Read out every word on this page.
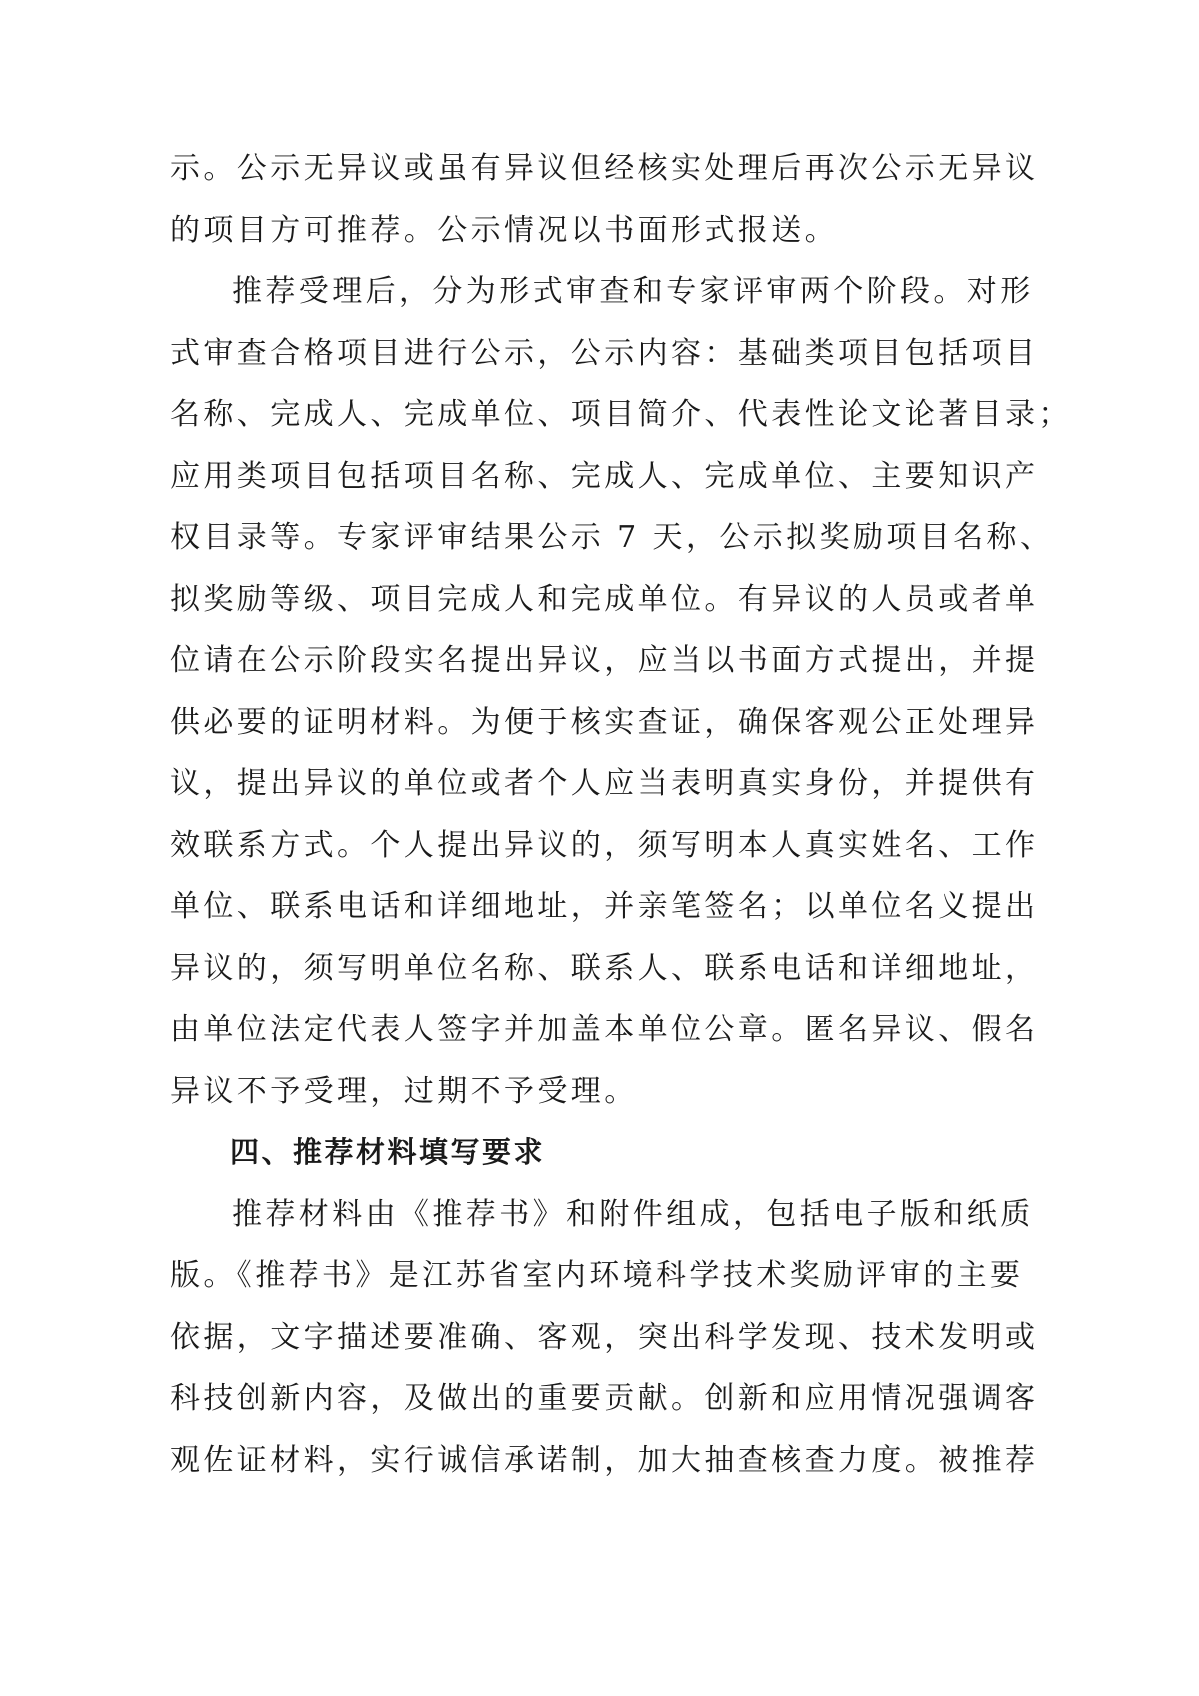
示。公示无异议或虽有异议但经核实处理后再次公示无异议
的项目方可推荐。公示情况以书面形式报送。
推荐受理后，分为形式审查和专家评审两个阶段。对形
式审查合格项目进行公示，公示内容：基础类项目包括项目
名称、完成人、完成单位、项目简介、代表性论文论著目录；
应用类项目包括项目名称、完成人、完成单位、主要知识产
权目录等。专家评审结果公示 7 天，公示拟奖励项目名称、
拟奖励等级、项目完成人和完成单位。有异议的人员或者单
位请在公示阶段实名提出异议，应当以书面方式提出，并提
供必要的证明材料。为便于核实查证，确保客观公正处理异
议，提出异议的单位或者个人应当表明真实身份，并提供有
效联系方式。个人提出异议的，须写明本人真实姓名、工作
单位、联系电话和详细地址，并亲笔签名；以单位名义提出
异议的，须写明单位名称、联系人、联系电话和详细地址，
由单位法定代表人签字并加盖本单位公章。匿名异议、假名
异议不予受理，过期不予受理。
四、推荐材料填写要求
推荐材料由《推荐书》和附件组成，包括电子版和纸质
版。《推荐书》是江苏省室内环境科学技术奖励评审的主要
依据，文字描述要准确、客观，突出科学发现、技术发明或
科技创新内容，及做出的重要贡献。创新和应用情况强调客
观佐证材料，实行诚信承诺制，加大抽查核查力度。被推荐
